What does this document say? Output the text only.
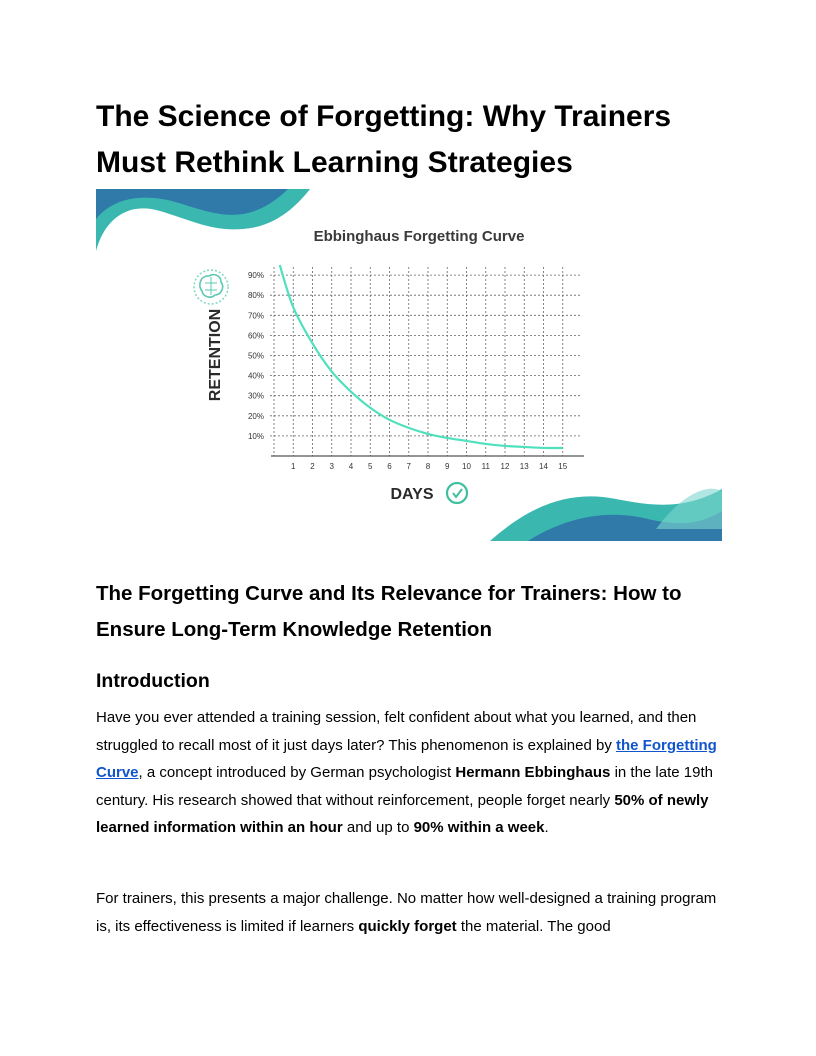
The Science of Forgetting: Why Trainers Must Rethink Learning Strategies
Ebbinghaus Forgetting Curve
RETENTION
10%
20%
30%
40%
50%
60%
70%
80%
90%
1 2 3 4 5 6 7 8 9 10 11 12 13 14 15
DAYS
The Forgetting Curve and Its Relevance for Trainers: How to Ensure Long-Term Knowledge Retention
Introduction

Have you ever attended a training session, felt confident about what you learned, and then struggled to recall most of it just days later? This phenomenon is explained by the Forgetting Curve, a concept introduced by German psychologist Hermann Ebbinghaus in the late 19th century. His research showed that without reinforcement, people forget nearly 50% of newly learned information within an hour and up to 90% within a week.

For trainers, this presents a major challenge. No matter how well-designed a training program is, its effectiveness is limited if learners quickly forget the material. The good
